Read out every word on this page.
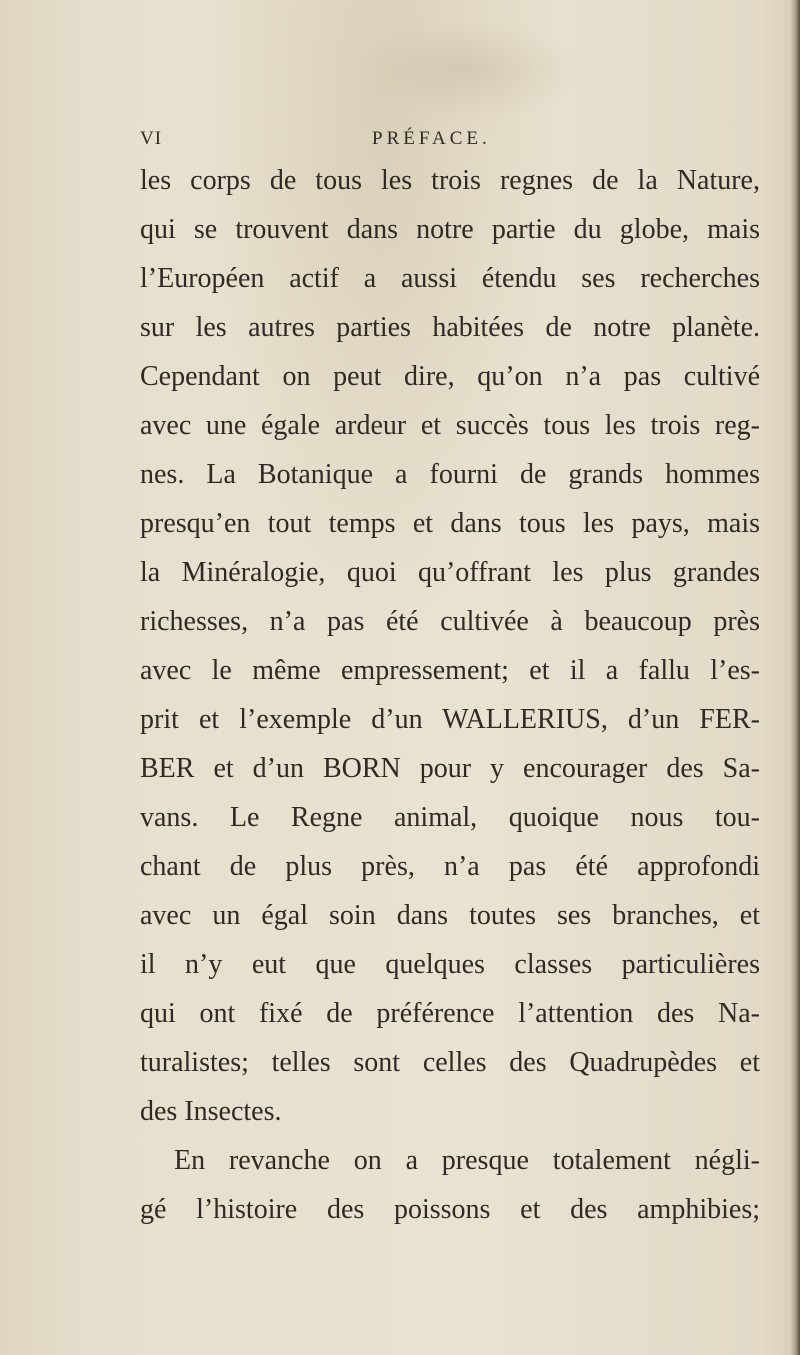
VI	PRÉFACE.
les corps de tous les trois regnes de la Nature,
qui se trouvent dans notre partie du globe, mais
l’Européen actif a aussi étendu ses recherches
sur les autres parties habitées de notre planète.
Cependant on peut dire, qu’on n’a pas cultivé
avec une égale ardeur et succès tous les trois reg-
nes. La Botanique a fourni de grands hommes
presqu’en tout temps et dans tous les pays, mais
la Minéralogie, quoi qu’offrant les plus grandes
richesses, n’a pas été cultivée à beaucoup près
avec le même empressement; et il a fallu l’es-
prit et l’exemple d’un WALLERIUS, d’un FER-
BER et d’un BORN pour y encourager des Sa-
vans. Le Regne animal, quoique nous tou-
chant de plus près, n’a pas été approfondi
avec un égal soin dans toutes ses branches, et
il n’y eut que quelques classes particulières
qui ont fixé de préférence l’attention des Na-
turalistes; telles sont celles des Quadrupèdes et
des Insectes.
En revanche on a presque totalement négli-
gé l’histoire des poissons et des amphibies;
